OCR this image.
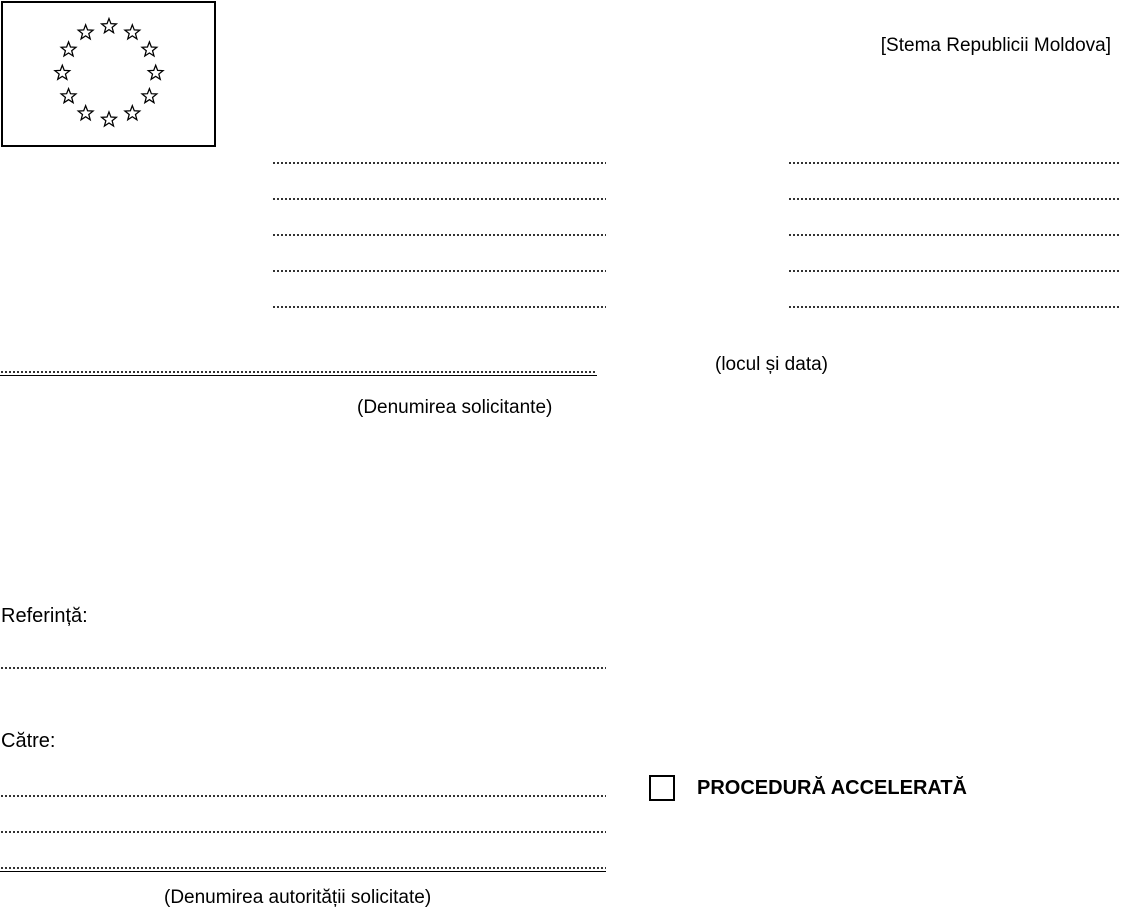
[Stema Republicii Moldova]
(locul și data)
(Denumirea solicitante)
Referință:
Către:
(Denumirea autorității solicitate)
PROCEDURĂ ACCELERATĂ
